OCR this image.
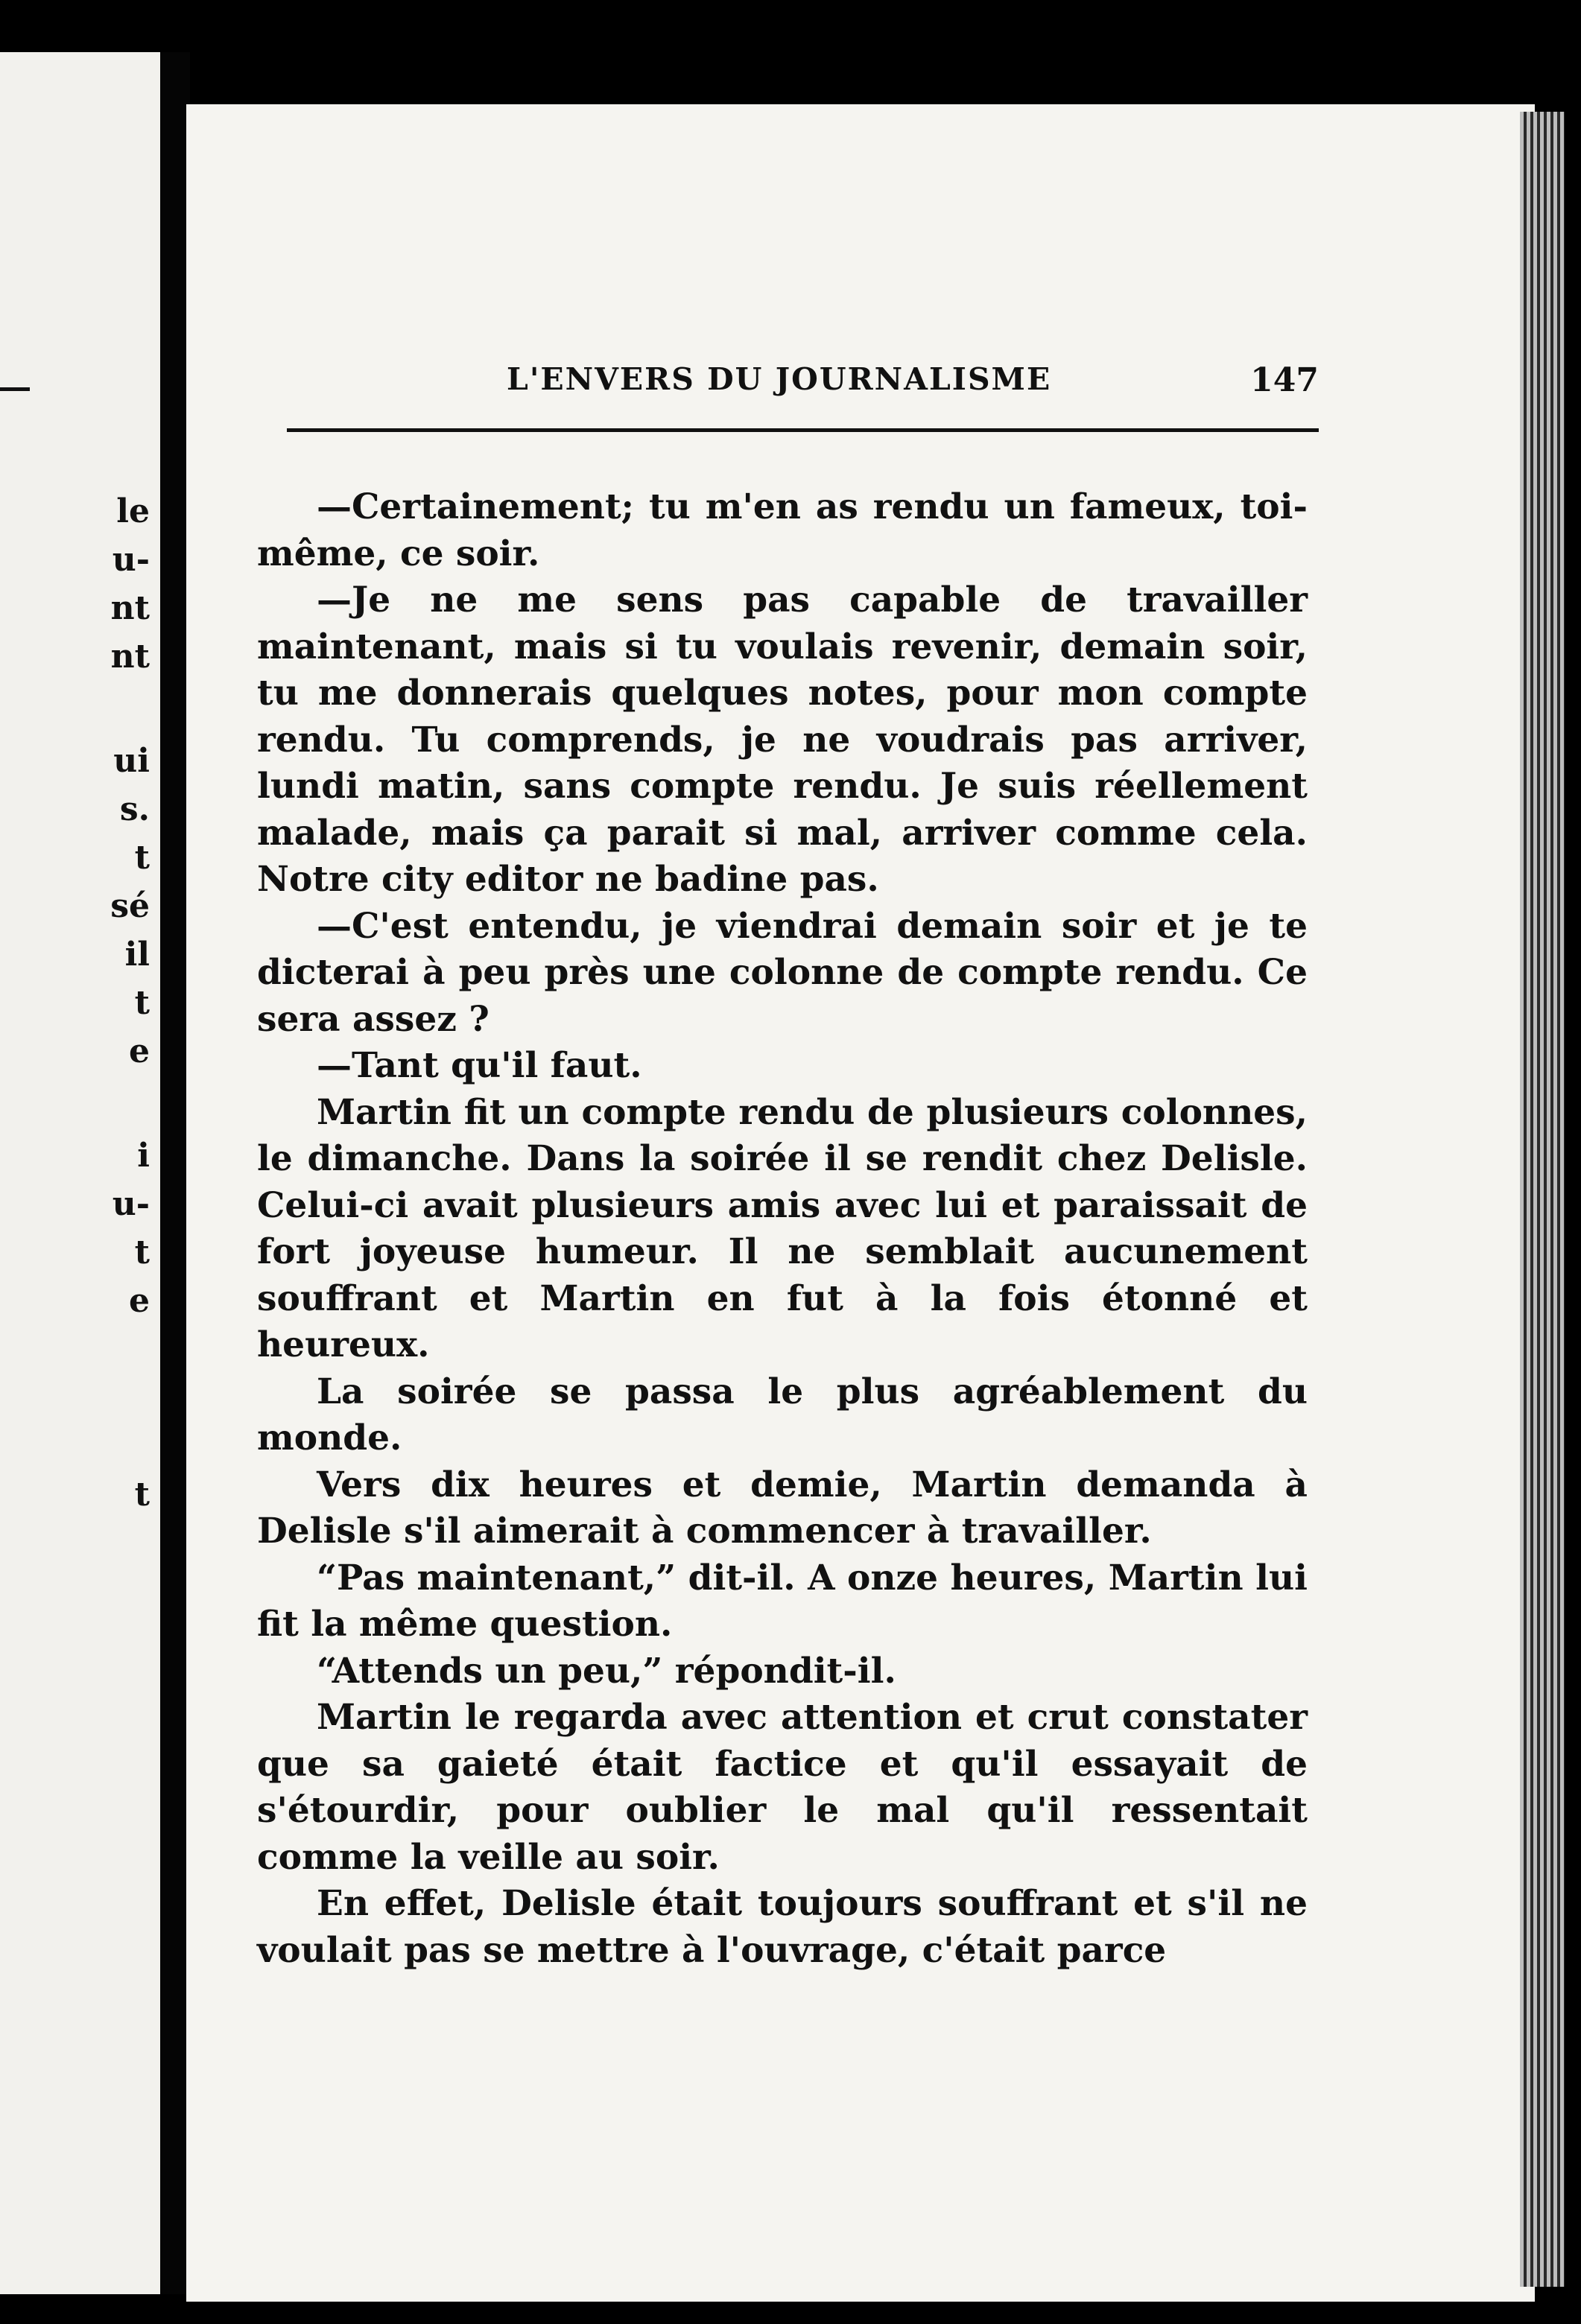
le
u-
nt
nt
ui
s.
t
sé
il
t
e
i
u-
t
e
t
L'ENVERS DU JOURNALISME	147

—Certainement; tu m'en as rendu un fameux, toi-même, ce soir.

—Je ne me sens pas capable de travailler maintenant, mais si tu voulais revenir, demain soir, tu me donnerais quelques notes, pour mon compte rendu. Tu comprends, je ne voudrais pas arriver, lundi matin, sans compte rendu. Je suis réellement malade, mais ça parait si mal, arriver comme cela. Notre city editor ne badine pas.

—C'est entendu, je viendrai demain soir et je te dicterai à peu près une colonne de compte rendu. Ce sera assez ?

—Tant qu'il faut.

Martin fit un compte rendu de plusieurs colonnes, le dimanche. Dans la soirée il se rendit chez Delisle. Celui-ci avait plusieurs amis avec lui et paraissait de fort joyeuse humeur. Il ne semblait aucunement souffrant et Martin en fut à la fois étonné et heureux.

La soirée se passa le plus agréablement du monde.

Vers dix heures et demie, Martin demanda à Delisle s'il aimerait à commencer à travailler.

“Pas maintenant,” dit-il. A onze heures, Martin lui fit la même question.

“Attends un peu,” répondit-il.

Martin le regarda avec attention et crut constater que sa gaieté était factice et qu'il essayait de s'étourdir, pour oublier le mal qu'il ressentait comme la veille au soir.

En effet, Delisle était toujours souffrant et s'il ne voulait pas se mettre à l'ouvrage, c'était parce
